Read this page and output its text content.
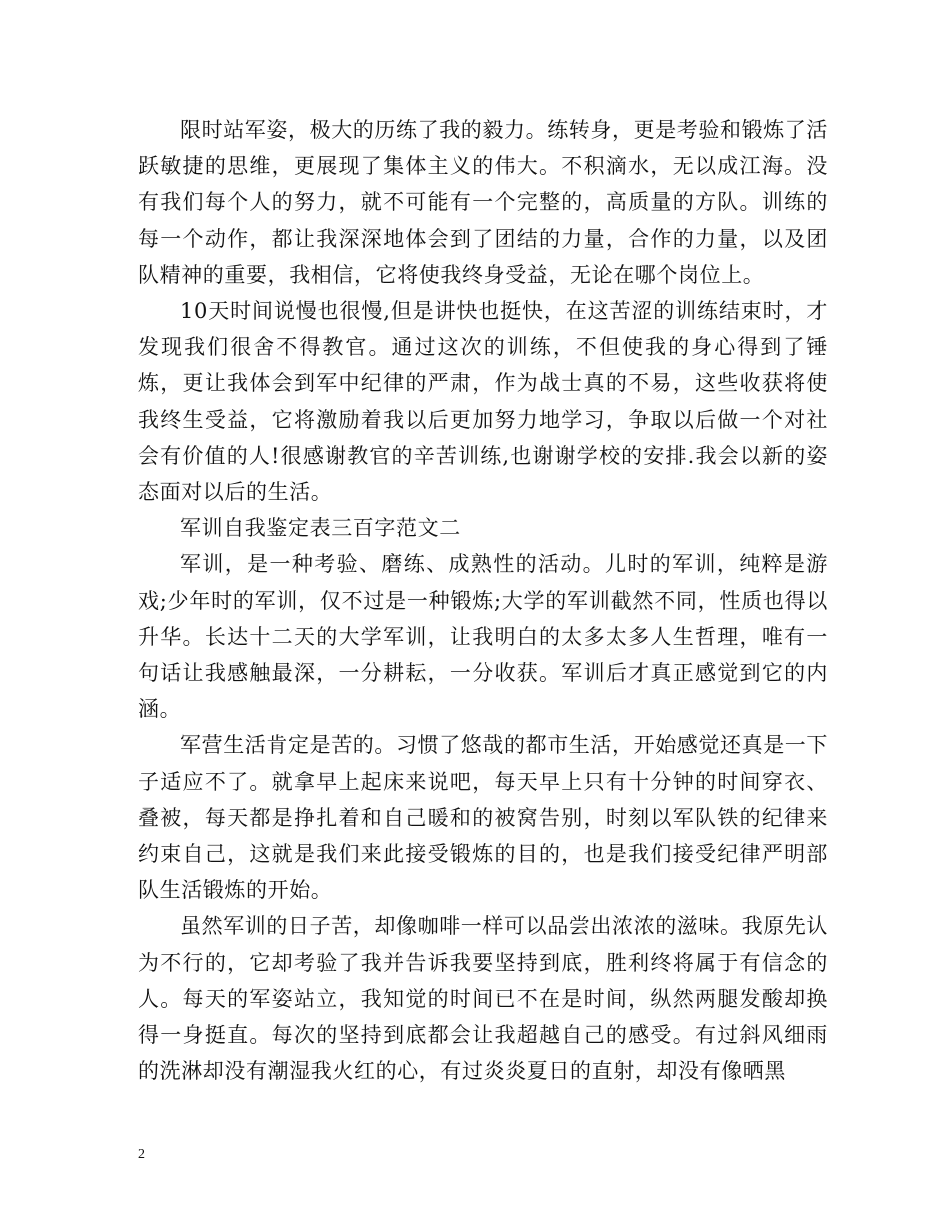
限时站军姿，极大的历练了我的毅力。练转身，更是考验和锻炼了活跃敏捷的思维，更展现了集体主义的伟大。不积滴水，无以成江海。没有我们每个人的努力，就不可能有一个完整的，高质量的方队。训练的每一个动作，都让我深深地体会到了团结的力量，合作的力量，以及团队精神的重要，我相信，它将使我终身受益，无论在哪个岗位上。

10天时间说慢也很慢,但是讲快也挺快，在这苦涩的训练结束时，才发现我们很舍不得教官。通过这次的训练，不但使我的身心得到了锤炼，更让我体会到军中纪律的严肃，作为战士真的不易，这些收获将使我终生受益，它将激励着我以后更加努力地学习，争取以后做一个对社会有价值的人!很感谢教官的辛苦训练,也谢谢学校的安排.我会以新的姿态面对以后的生活。

军训自我鉴定表三百字范文二

军训，是一种考验、磨练、成熟性的活动。儿时的军训，纯粹是游戏;少年时的军训，仅不过是一种锻炼;大学的军训截然不同，性质也得以升华。长达十二天的大学军训，让我明白的太多太多人生哲理，唯有一句话让我感触最深，一分耕耘，一分收获。军训后才真正感觉到它的内涵。

军营生活肯定是苦的。习惯了悠哉的都市生活，开始感觉还真是一下子适应不了。就拿早上起床来说吧，每天早上只有十分钟的时间穿衣、叠被，每天都是挣扎着和自己暖和的被窝告别，时刻以军队铁的纪律来约束自己，这就是我们来此接受锻炼的目的，也是我们接受纪律严明部队生活锻炼的开始。

虽然军训的日子苦，却像咖啡一样可以品尝出浓浓的滋味。我原先认为不行的，它却考验了我并告诉我要坚持到底，胜利终将属于有信念的人。每天的军姿站立，我知觉的时间已不在是时间，纵然两腿发酸却换得一身挺直。每次的坚持到底都会让我超越自己的感受。有过斜风细雨的洗淋却没有潮湿我火红的心，有过炎炎夏日的直射，却没有像晒黑

2
